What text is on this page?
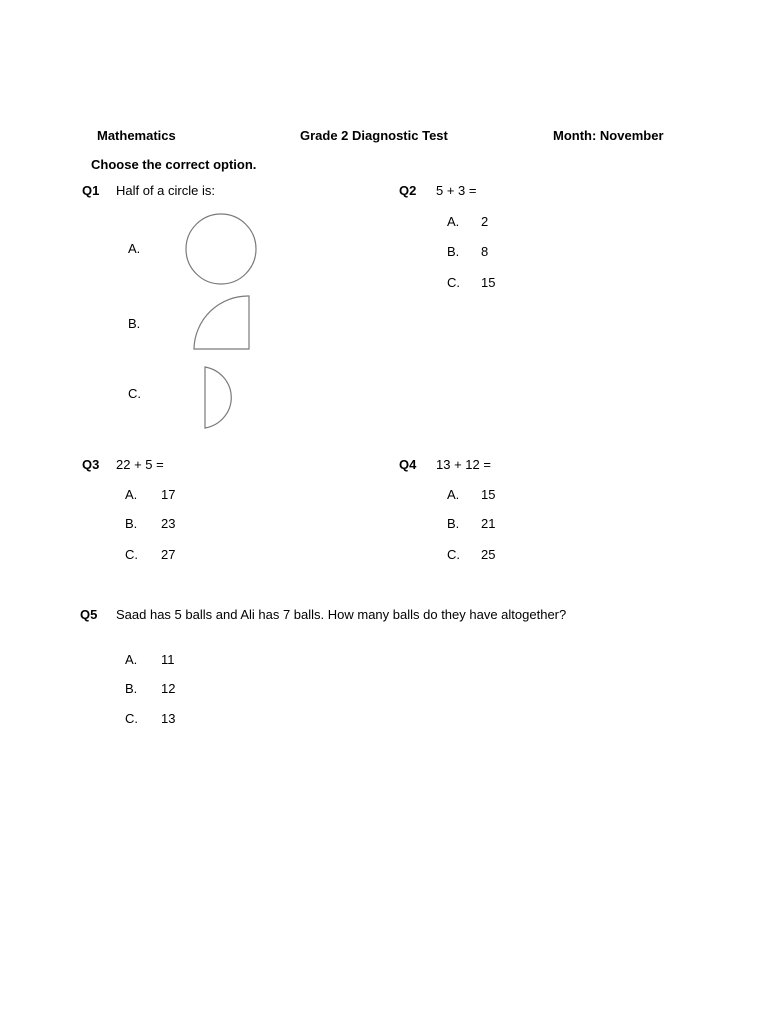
Mathematics	Grade 2 Diagnostic Test	Month: November
Choose the correct option.
Q1 Half of a circle is:
A.
B.
C.
Q2 5 + 3 =
A. 2
B. 8
C. 15
Q3 22 + 5 =
A. 17
B. 23
C. 27
Q4 13 + 12 =
A. 15
B. 21
C. 25
Q5 Saad has 5 balls and Ali has 7 balls. How many balls do they have altogether?
A. 11
B. 12
C. 13
